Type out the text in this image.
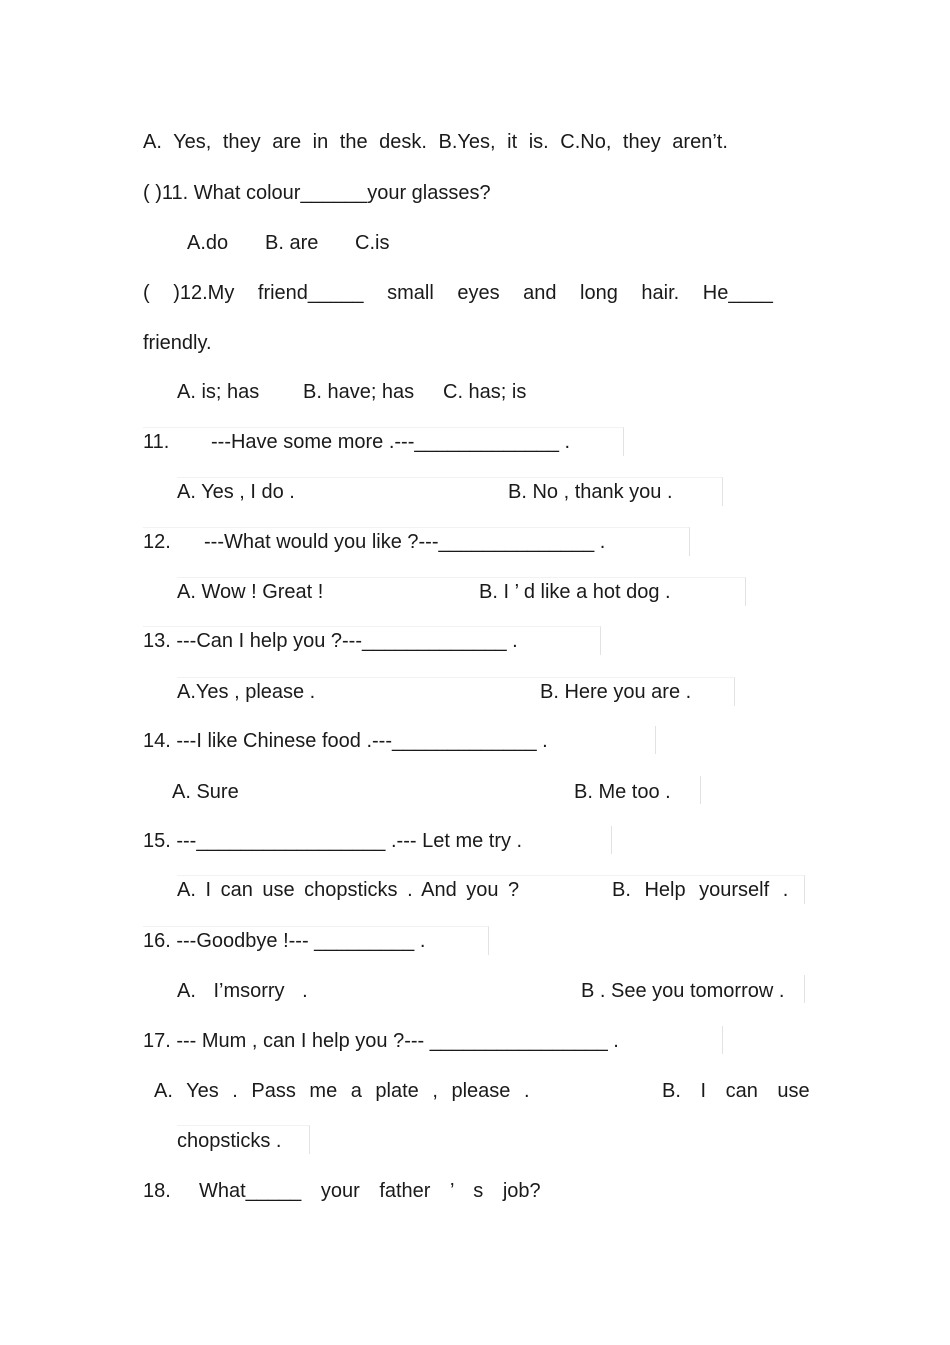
A. Yes, they are in the desk. B.Yes, it is. C.No, they aren’t.
( )11. What colour______your glasses?
A.do B. are C.is
( )12.My friend_____ small eyes and long hair. He____
friendly.
A. is; has B. have; has C. has; is
11. ---Have some more .---_____________ .
A. Yes , I do .	B. No , thank you .
12. ---What would you like ?---______________ .
A. Wow ! Great !	B. I ’ d like a hot dog .
13. ---Can I help you ?---_____________ .
A.Yes , please .	B. Here you are .
14. ---I like Chinese food .---_____________ .
A. Sure	B. Me too .
15. ---_________________ .--- Let me try .
A. I can use chopsticks . And you ?	B. Help yourself .
16. ---Goodbye !--- _________ .
A. I’msorry .	B . See you tomorrow .
17. --- Mum , can I help you ?--- ________________ .
A. Yes . Pass me a plate , please .	B. I can use
chopsticks .
18. What_____ your father ’ s job?
